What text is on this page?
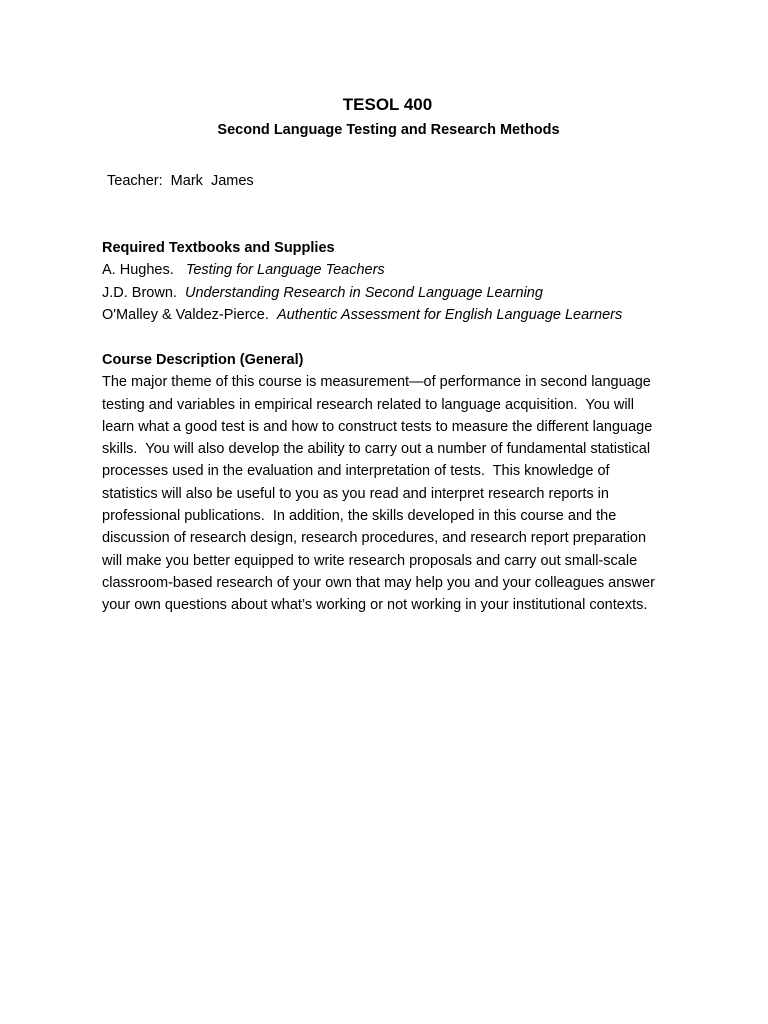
TESOL 400
Second Language Testing and Research Methods

Teacher:  Mark  James

Required Textbooks and Supplies
A. Hughes.   Testing for Language Teachers
J.D. Brown.  Understanding Research in Second Language Learning
O'Malley & Valdez-Pierce.  Authentic Assessment for English Language Learners
Course Description (General)
The major theme of this course is measurement—of performance in second language
testing and variables in empirical research related to language acquisition.  You will
learn what a good test is and how to construct tests to measure the different language
skills.  You will also develop the ability to carry out a number of fundamental statistical
processes used in the evaluation and interpretation of tests.  This knowledge of
statistics will also be useful to you as you read and interpret research reports in
professional publications.  In addition, the skills developed in this course and the
discussion of research design, research procedures, and research report preparation
will make you better equipped to write research proposals and carry out small-scale
classroom-based research of your own that may help you and your colleagues answer
your own questions about what’s working or not working in your institutional contexts.
